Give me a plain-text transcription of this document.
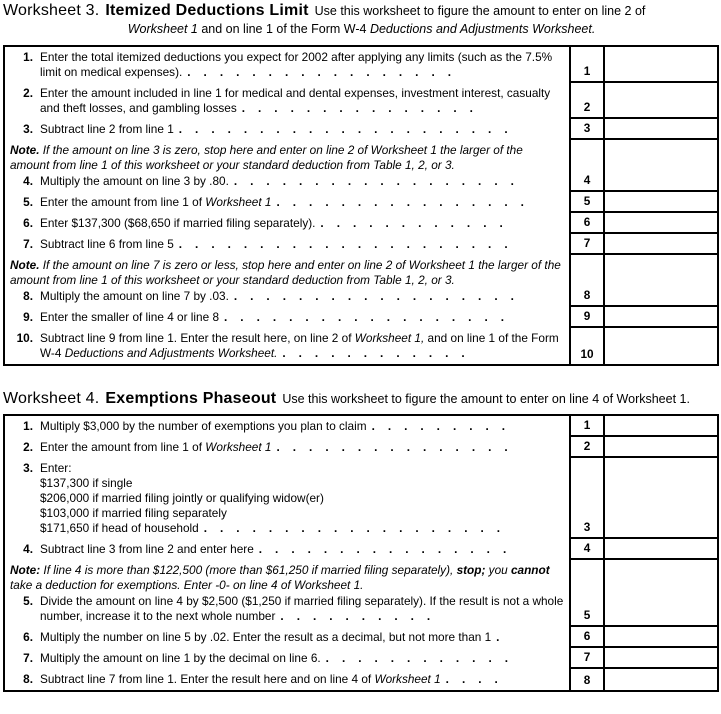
Worksheet 3. Itemized Deductions Limit Use this worksheet to figure the amount to enter on line 2 of
Worksheet 1 and on line 1 of the Form W-4 Deductions and Adjustments Worksheet.
1. Enter the total itemized deductions you expect for 2002 after applying any limits (such as the 7.5% limit on medical expenses). .................	1
2. Enter the amount included in line 1 for medical and dental expenses, investment interest, casualty and theft losses, and gambling losses ...............	2
3. Subtract line 2 from line 1 .....................	3
Note. If the amount on line 3 is zero, stop here and enter on line 2 of Worksheet 1 the larger of the amount from line 1 of this worksheet or your standard deduction from Table 1, 2, or 3.
4. Multiply the amount on line 3 by .80. ..................	4
5. Enter the amount from line 1 of Worksheet 1 ................	5
6. Enter $137,300 ($68,650 if married filing separately). ............	6
7. Subtract line 6 from line 5 .....................	7
Note. If the amount on line 7 is zero or less, stop here and enter on line 2 of Worksheet 1 the larger of the amount from line 1 of this worksheet or your standard deduction from Table 1, 2, or 3.
8. Multiply the amount on line 7 by .03. ..................	8
9. Enter the smaller of line 4 or line 8 ..................	9
10. Subtract line 9 from line 1. Enter the result here, on line 2 of Worksheet 1, and on line 1 of the Form W-4 Deductions and Adjustments Worksheet. ............	10
Worksheet 4. Exemptions Phaseout Use this worksheet to figure the amount to enter on line 4 of Worksheet 1.
1. Multiply $3,000 by the number of exemptions you plan to claim .........	1
2. Enter the amount from line 1 of Worksheet 1 ...............	2
3. Enter:
$137,300 if single
$206,000 if married filing jointly or qualifying widow(er)
$103,000 if married filing separately
$171,650 if head of household ...................	3
4. Subtract line 3 from line 2 and enter here ................	4
Note: If line 4 is more than $122,500 (more than $61,250 if married filing separately), stop; you cannot take a deduction for exemptions. Enter -0- on line 4 of Worksheet 1.
5. Divide the amount on line 4 by $2,500 ($1,250 if married filing separately). If the result is not a whole number, increase it to the next whole number ..........	5
6. Multiply the number on line 5 by .02. Enter the result as a decimal, but not more than 1 .	6
7. Multiply the amount on line 1 by the decimal on line 6. ............	7
8. Subtract line 7 from line 1. Enter the result here and on line 4 of Worksheet 1 ....	8
